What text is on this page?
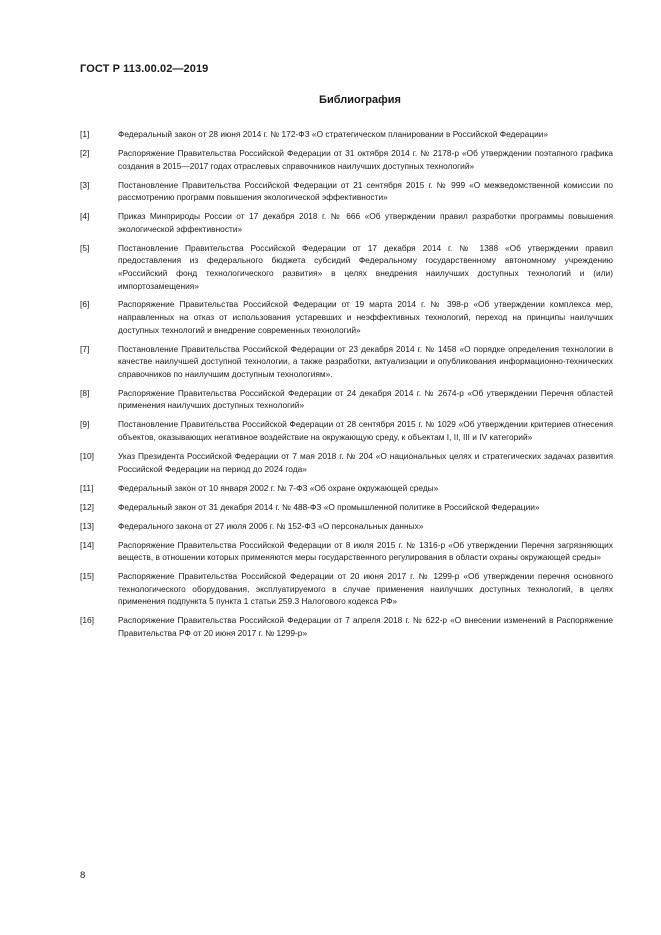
ГОСТ Р 113.00.02—2019
Библиография
[1]	Федеральный закон от 28 июня 2014 г. № 172-ФЗ «О стратегическом планировании в Российской Федерации»
[2]	Распоряжение Правительства Российской Федерации от 31 октября 2014 г. № 2178-р «Об утверждении поэтапного графика создания в 2015—2017 годах отраслевых справочников наилучших доступных технологий»
[3]	Постановление Правительства Российской Федерации от 21 сентября 2015 г. № 999 «О межведомственной комиссии по рассмотрению программ повышения экологической эффективности»
[4]	Приказ Минприроды России от 17 декабря 2018 г. № 666 «Об утверждении правил разработки программы повышения экологической эффективности»
[5]	Постановление Правительства Российской Федерации от 17 декабря 2014 г. № 1388 «Об утверждении правил предоставления из федерального бюджета субсидий Федеральному государственному автономному учреждению «Российский фонд технологического развития» в целях внедрения наилучших доступных технологий и (или) импортозамещения»
[6]	Распоряжение Правительства Российской Федерации от 19 марта 2014 г. № 398-р «Об утверждении комплекса мер, направленных на отказ от использования устаревших и неэффективных технологий, переход на принципы наилучших доступных технологий и внедрение современных технологий»
[7]	Постановление Правительства Российской Федерации от 23 декабря 2014 г. № 1458 «О порядке определения технологии в качестве наилучшей доступной технологии, а также разработки, актуализации и опубликования информационно-технических справочников по наилучшим доступным технологиям».
[8]	Распоряжение Правительства Российской Федерации от 24 декабря 2014 г. № 2674-р «Об утверждении Перечня областей применения наилучших доступных технологий»
[9]	Постановление Правительства Российской Федерации от 28 сентября 2015 г. № 1029 «Об утверждении критериев отнесения объектов, оказывающих негативное воздействие на окружающую среду, к объектам I, II, III и IV категорий»
[10]	Указ Президента Российской Федерации от 7 мая 2018 г. № 204 «О национальных целях и стратегических задачах развития Российской Федерации на период до 2024 года»
[11]	Федеральный закон от 10 января 2002 г. № 7-ФЗ «Об охране окружающей среды»
[12]	Федеральный закон от 31 декабря 2014 г. № 488-ФЗ «О промышленной политике в Российской Федерации»
[13]	Федерального закона от 27 июля 2006 г. № 152-ФЗ «О персональных данных»
[14]	Распоряжение Правительства Российской Федерации от 8 июля 2015 г. № 1316-р «Об утверждении Перечня загрязняющих веществ, в отношении которых применяются меры государственного регулирования в области охраны окружающей среды»
[15]	Распоряжение Правительства Российской Федерации от 20 июня 2017 г. № 1299-р «Об утверждении перечня основного технологического оборудования, эксплуатируемого в случае применения наилучших доступных технологий, в целях применения подпункта 5 пункта 1 статьи 259.3 Налогового кодекса РФ»
[16]	Распоряжение Правительства Российской Федерации от 7 апреля 2018 г. № 622-р «О внесении изменений в Распоряжение Правительства РФ от 20 июня 2017 г. № 1299-р»
8
